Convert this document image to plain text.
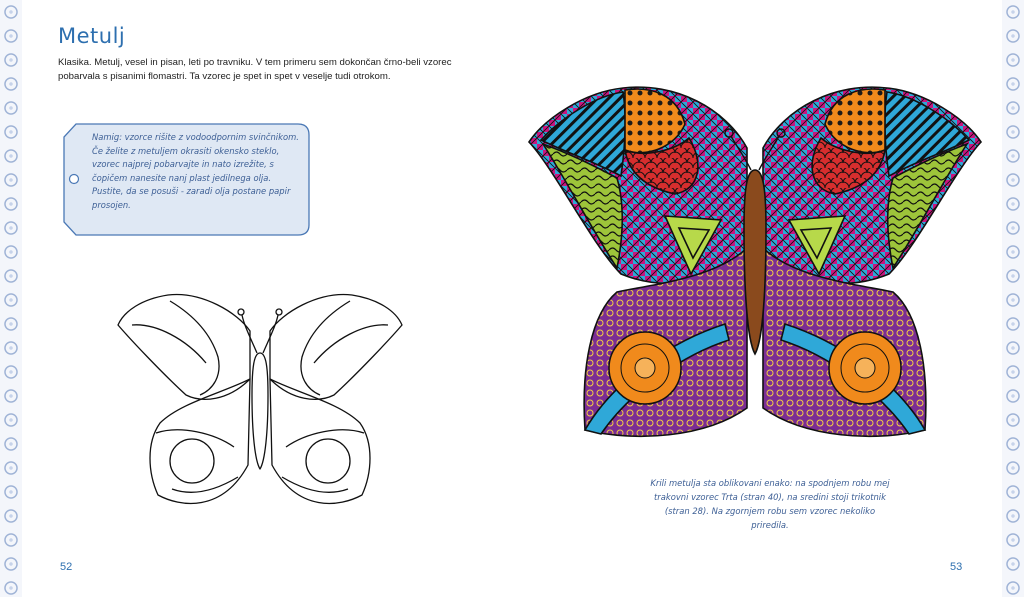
Metulj

Klasika. Metulj, vesel in pisan, leti po travniku. V tem primeru sem dokončan črno-beli vzorec pobarvala s pisanimi flomastri. Ta vzorec je spet in spet v veselje tudi otrokom.

Namig: vzorce rišite z vodoodpornim svinčnikom. Če želite z metuljem okrasiti okensko steklo, vzorec najprej pobarvajte in nato izrežite, s čopičem nanesite nanj plast jedilnega olja. Pustite, da se posuši - zaradi olja postane papir prosojen.

Krili metulja sta oblikovani enako: na spodnjem robu mej trakovni vzorec Trta (stran 40), na sredini stoji trikotnik (stran 28). Na zgornjem robu sem vzorec nekoliko priredila.

52	53
